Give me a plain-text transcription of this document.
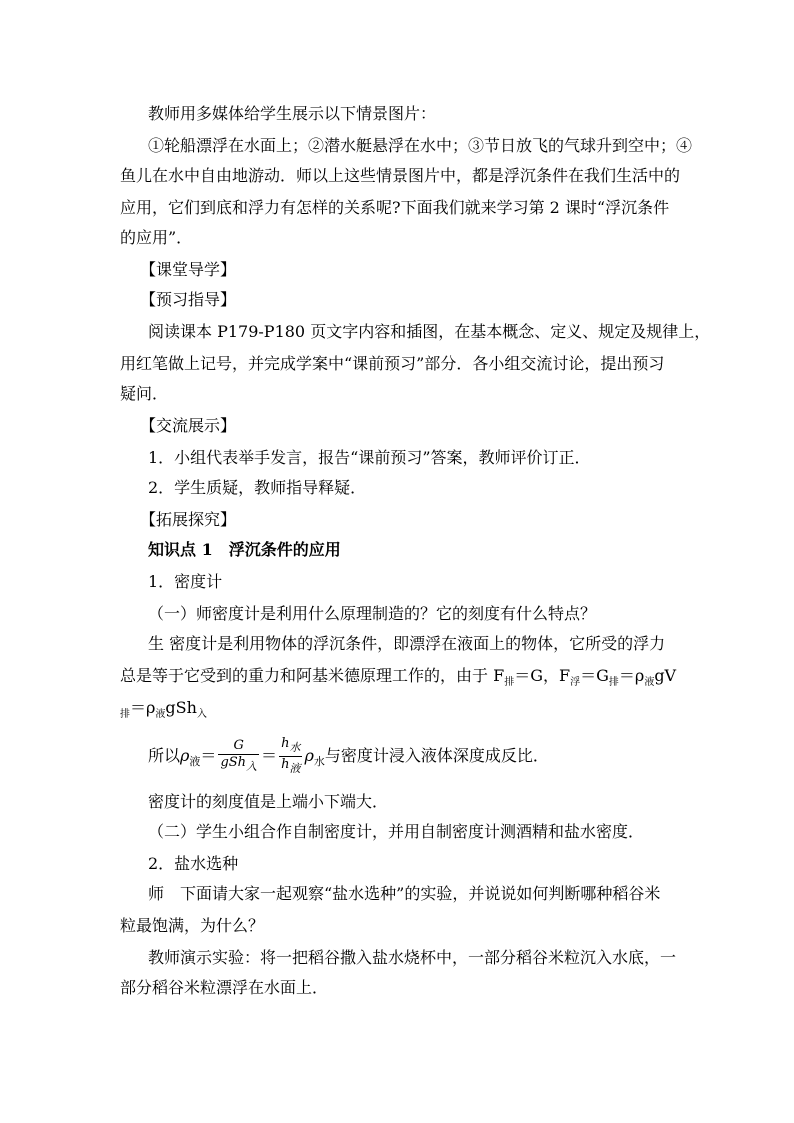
教师用多媒体给学生展示以下情景图片：

①轮船漂浮在水面上；②潜水艇悬浮在水中；③节日放飞的气球升到空中；④

鱼儿在水中自由地游动．师以上这些情景图片中，都是浮沉条件在我们生活中的

应用，它们到底和浮力有怎样的关系呢?下面我们就来学习第 2 课时“浮沉条件

的应用”．

【课堂导学】

【预习指导】

阅读课本 P179-P180 页文字内容和插图，在基本概念、定义、规定及规律上，

用红笔做上记号，并完成学案中“课前预习”部分．各小组交流讨论，提出预习

疑问．

【交流展示】

1．小组代表举手发言，报告“课前预习”答案，教师评价订正．

2．学生质疑，教师指导释疑．

【拓展探究】

知识点 1　浮沉条件的应用

1．密度计

（一）师密度计是利用什么原理制造的？它的刻度有什么特点？

生 密度计是利用物体的浮沉条件，即漂浮在液面上的物体，它所受的浮力

总是等于它受到的重力和阿基米德原理工作的，由于 $F_排=G$，$F_浮=G_排=\rho_液gV$

$_排=\rho_液gSh_入$

所以$\rho_液= \frac{G}{gSh_入} = \frac{h_水}{h_液} \rho_水$与密度计浸入液体深度成反比．

密度计的刻度值是上端小下端大．

（二）学生小组合作自制密度计，并用自制密度计测酒精和盐水密度．

2．盐水选种

师　下面请大家一起观察“盐水选种”的实验，并说说如何判断哪种稻谷米

粒最饱满，为什么？

教师演示实验：将一把稻谷撒入盐水烧杯中，一部分稻谷米粒沉入水底，一

部分稻谷米粒漂浮在水面上．
